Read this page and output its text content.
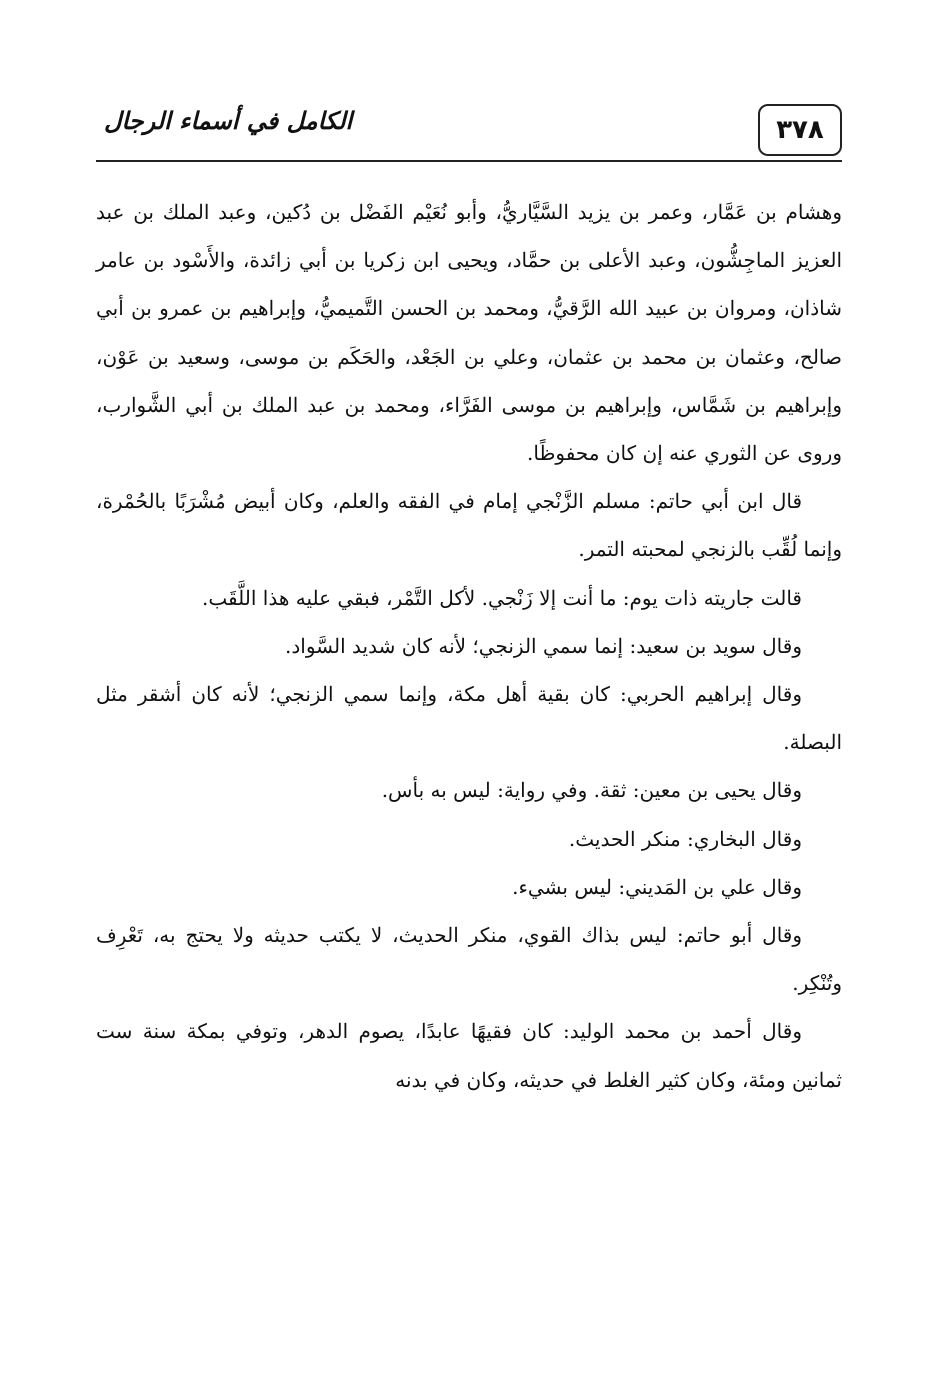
٣٧٨
الكامل في أسماء الرجال

وهشام بن عَمَّار، وعمر بن يزيد السَّيَّاريُّ، وأبو نُعَيْم الفَضْل بن دُكين، وعبد الملك بن عبد العزيز الماجِشُّون، وعبد الأعلى بن حمَّاد، ويحيى ابن زكريا بن أبي زائدة، والأَسْود بن عامر شاذان، ومروان بن عبيد الله الرَّقيُّ، ومحمد بن الحسن التَّميميُّ، وإبراهيم بن عمرو بن أبي صالح، وعثمان بن محمد بن عثمان، وعلي بن الجَعْد، والحَكَم بن موسى، وسعيد بن عَوْن، وإبراهيم بن شَمَّاس، وإبراهيم بن موسى الفَرَّاء، ومحمد بن عبد الملك بن أبي الشَّوارب، وروى عن الثوري عنه إن كان محفوظًا.

قال ابن أبي حاتم: مسلم الزَّنْجي إمام في الفقه والعلم، وكان أبيض مُشْرَبًا بالحُمْرة، وإنما لُقِّب بالزنجي لمحبته التمر.

قالت جاريته ذات يوم: ما أنت إلا زَنْجي. لأكل التَّمْر، فبقي عليه هذا اللَّقَب.

وقال سويد بن سعيد: إنما سمي الزنجي؛ لأنه كان شديد السَّواد.

وقال إبراهيم الحربي: كان بقية أهل مكة، وإنما سمي الزنجي؛ لأنه كان أشقر مثل البصلة.

وقال يحيى بن معين: ثقة. وفي رواية: ليس به بأس.

وقال البخاري: منكر الحديث.

وقال علي بن المَديني: ليس بشيء.

وقال أبو حاتم: ليس بذاك القوي، منكر الحديث، لا يكتب حديثه ولا يحتج به، تَعْرِف وتُنْكِر.

وقال أحمد بن محمد الوليد: كان فقيهًا عابدًا، يصوم الدهر، وتوفي بمكة سنة ست ثمانين ومئة، وكان كثير الغلط في حديثه، وكان في بدنه
